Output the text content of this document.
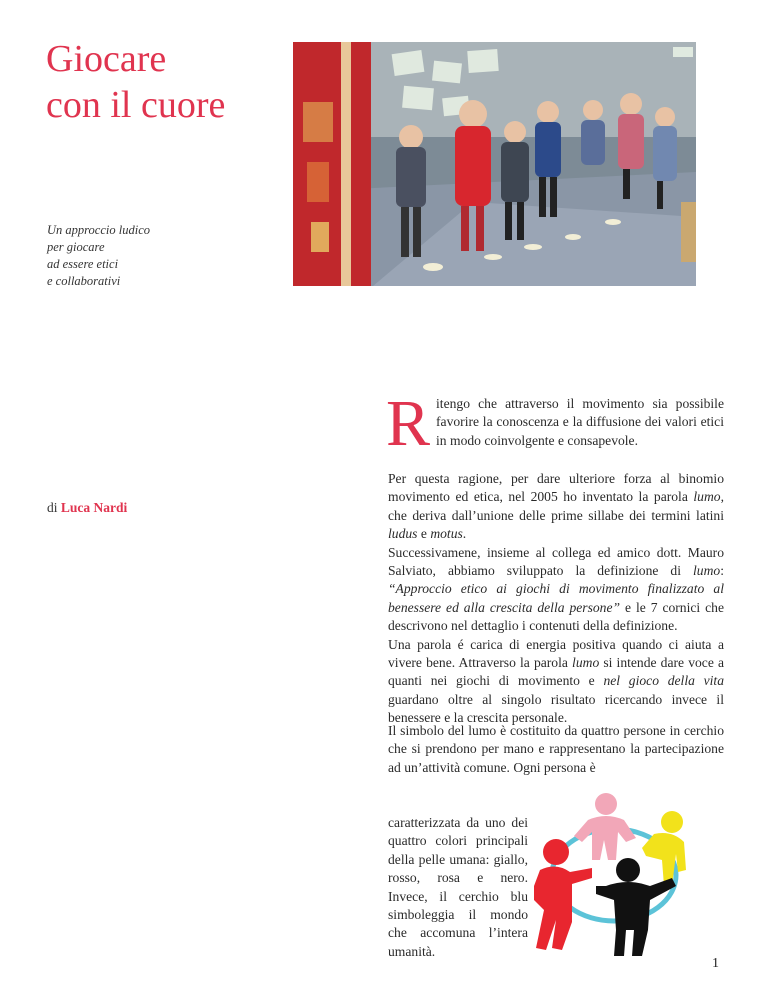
Giocare
con il cuore
Un approccio ludico
per giocare
ad essere etici
e collaborativi
di Luca Nardi
R itengo che attraverso il movimento sia possibile favorire la conoscenza e la diffusione dei valori etici in modo coinvolgente e consapevole.

Per questa ragione, per dare ulteriore forza al binomio movimento ed etica, nel 2005 ho inventato la parola lumo, che deriva dall’unione delle prime sillabe dei termini latini ludus e motus.

Successivamene, insieme al collega ed amico dott. Mauro Salviato, abbiamo sviluppato la definizione di lumo: “Approccio etico ai giochi di movimento finalizzato al benessere ed alla crescita della persone” e le 7 cornici che descrivono nel dettaglio i contenuti della definizione.

Una parola é carica di energia positiva quando ci aiuta a vivere bene. Attraverso la parola lumo si intende dare voce a quanti nei giochi di movimento e nel gioco della vita guardano oltre al singolo risultato ricercando invece il benessere e la crescita personale.

Il simbolo del lumo è costituito da quattro persone in cerchio che si prendono per mano e rappresentano la partecipazione ad un’attività comune. Ogni persona è

caratterizzata da uno dei quattro colori principali della pelle umana: giallo, rosso, rosa e nero. Invece, il cerchio blu simboleggia il mondo che accomuna l’intera umanità.

1
